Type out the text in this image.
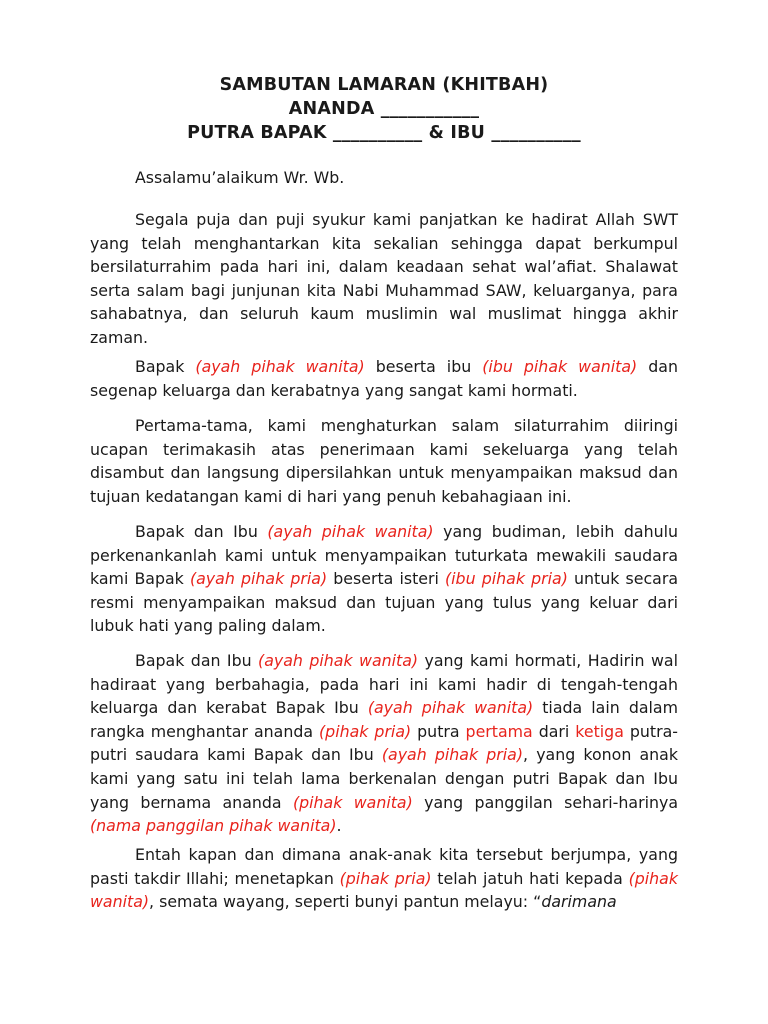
SAMBUTAN LAMARAN (KHITBAH)
ANANDA ___________
PUTRA BAPAK __________ & IBU __________

Assalamu’alaikum Wr. Wb.

Segala puja dan puji syukur kami panjatkan ke hadirat Allah SWT yang telah menghantarkan kita sekalian sehingga dapat berkumpul bersilaturrahim pada hari ini, dalam keadaan sehat wal’afiat. Shalawat serta salam bagi junjunan kita Nabi Muhammad SAW, keluarganya, para sahabatnya, dan seluruh kaum muslimin wal muslimat hingga akhir zaman.

Bapak (ayah pihak wanita) beserta ibu (ibu pihak wanita) dan segenap keluarga dan kerabatnya yang sangat kami hormati.

Pertama-tama, kami menghaturkan salam silaturrahim diiringi ucapan terimakasih atas penerimaan kami sekeluarga yang telah disambut dan langsung dipersilahkan untuk menyampaikan maksud dan tujuan kedatangan kami di hari yang penuh kebahagiaan ini.

Bapak dan Ibu (ayah pihak wanita) yang budiman, lebih dahulu perkenankanlah kami untuk menyampaikan tuturkata mewakili saudara kami Bapak (ayah pihak pria) beserta isteri (ibu pihak pria) untuk secara resmi menyampaikan maksud dan tujuan yang tulus yang keluar dari lubuk hati yang paling dalam.

Bapak dan Ibu (ayah pihak wanita) yang kami hormati, Hadirin wal hadiraat yang berbahagia, pada hari ini kami hadir di tengah-tengah keluarga dan kerabat Bapak Ibu (ayah pihak wanita) tiada lain dalam rangka menghantar ananda (pihak pria) putra pertama dari ketiga putra-putri saudara kami Bapak dan Ibu (ayah pihak pria), yang konon anak kami yang satu ini telah lama berkenalan dengan putri Bapak dan Ibu yang bernama ananda (pihak wanita) yang panggilan sehari-harinya (nama panggilan pihak wanita).

Entah kapan dan dimana anak-anak kita tersebut berjumpa, yang pasti takdir Illahi; menetapkan (pihak pria) telah jatuh hati kepada (pihak wanita), semata wayang, seperti bunyi pantun melayu: “darimana
